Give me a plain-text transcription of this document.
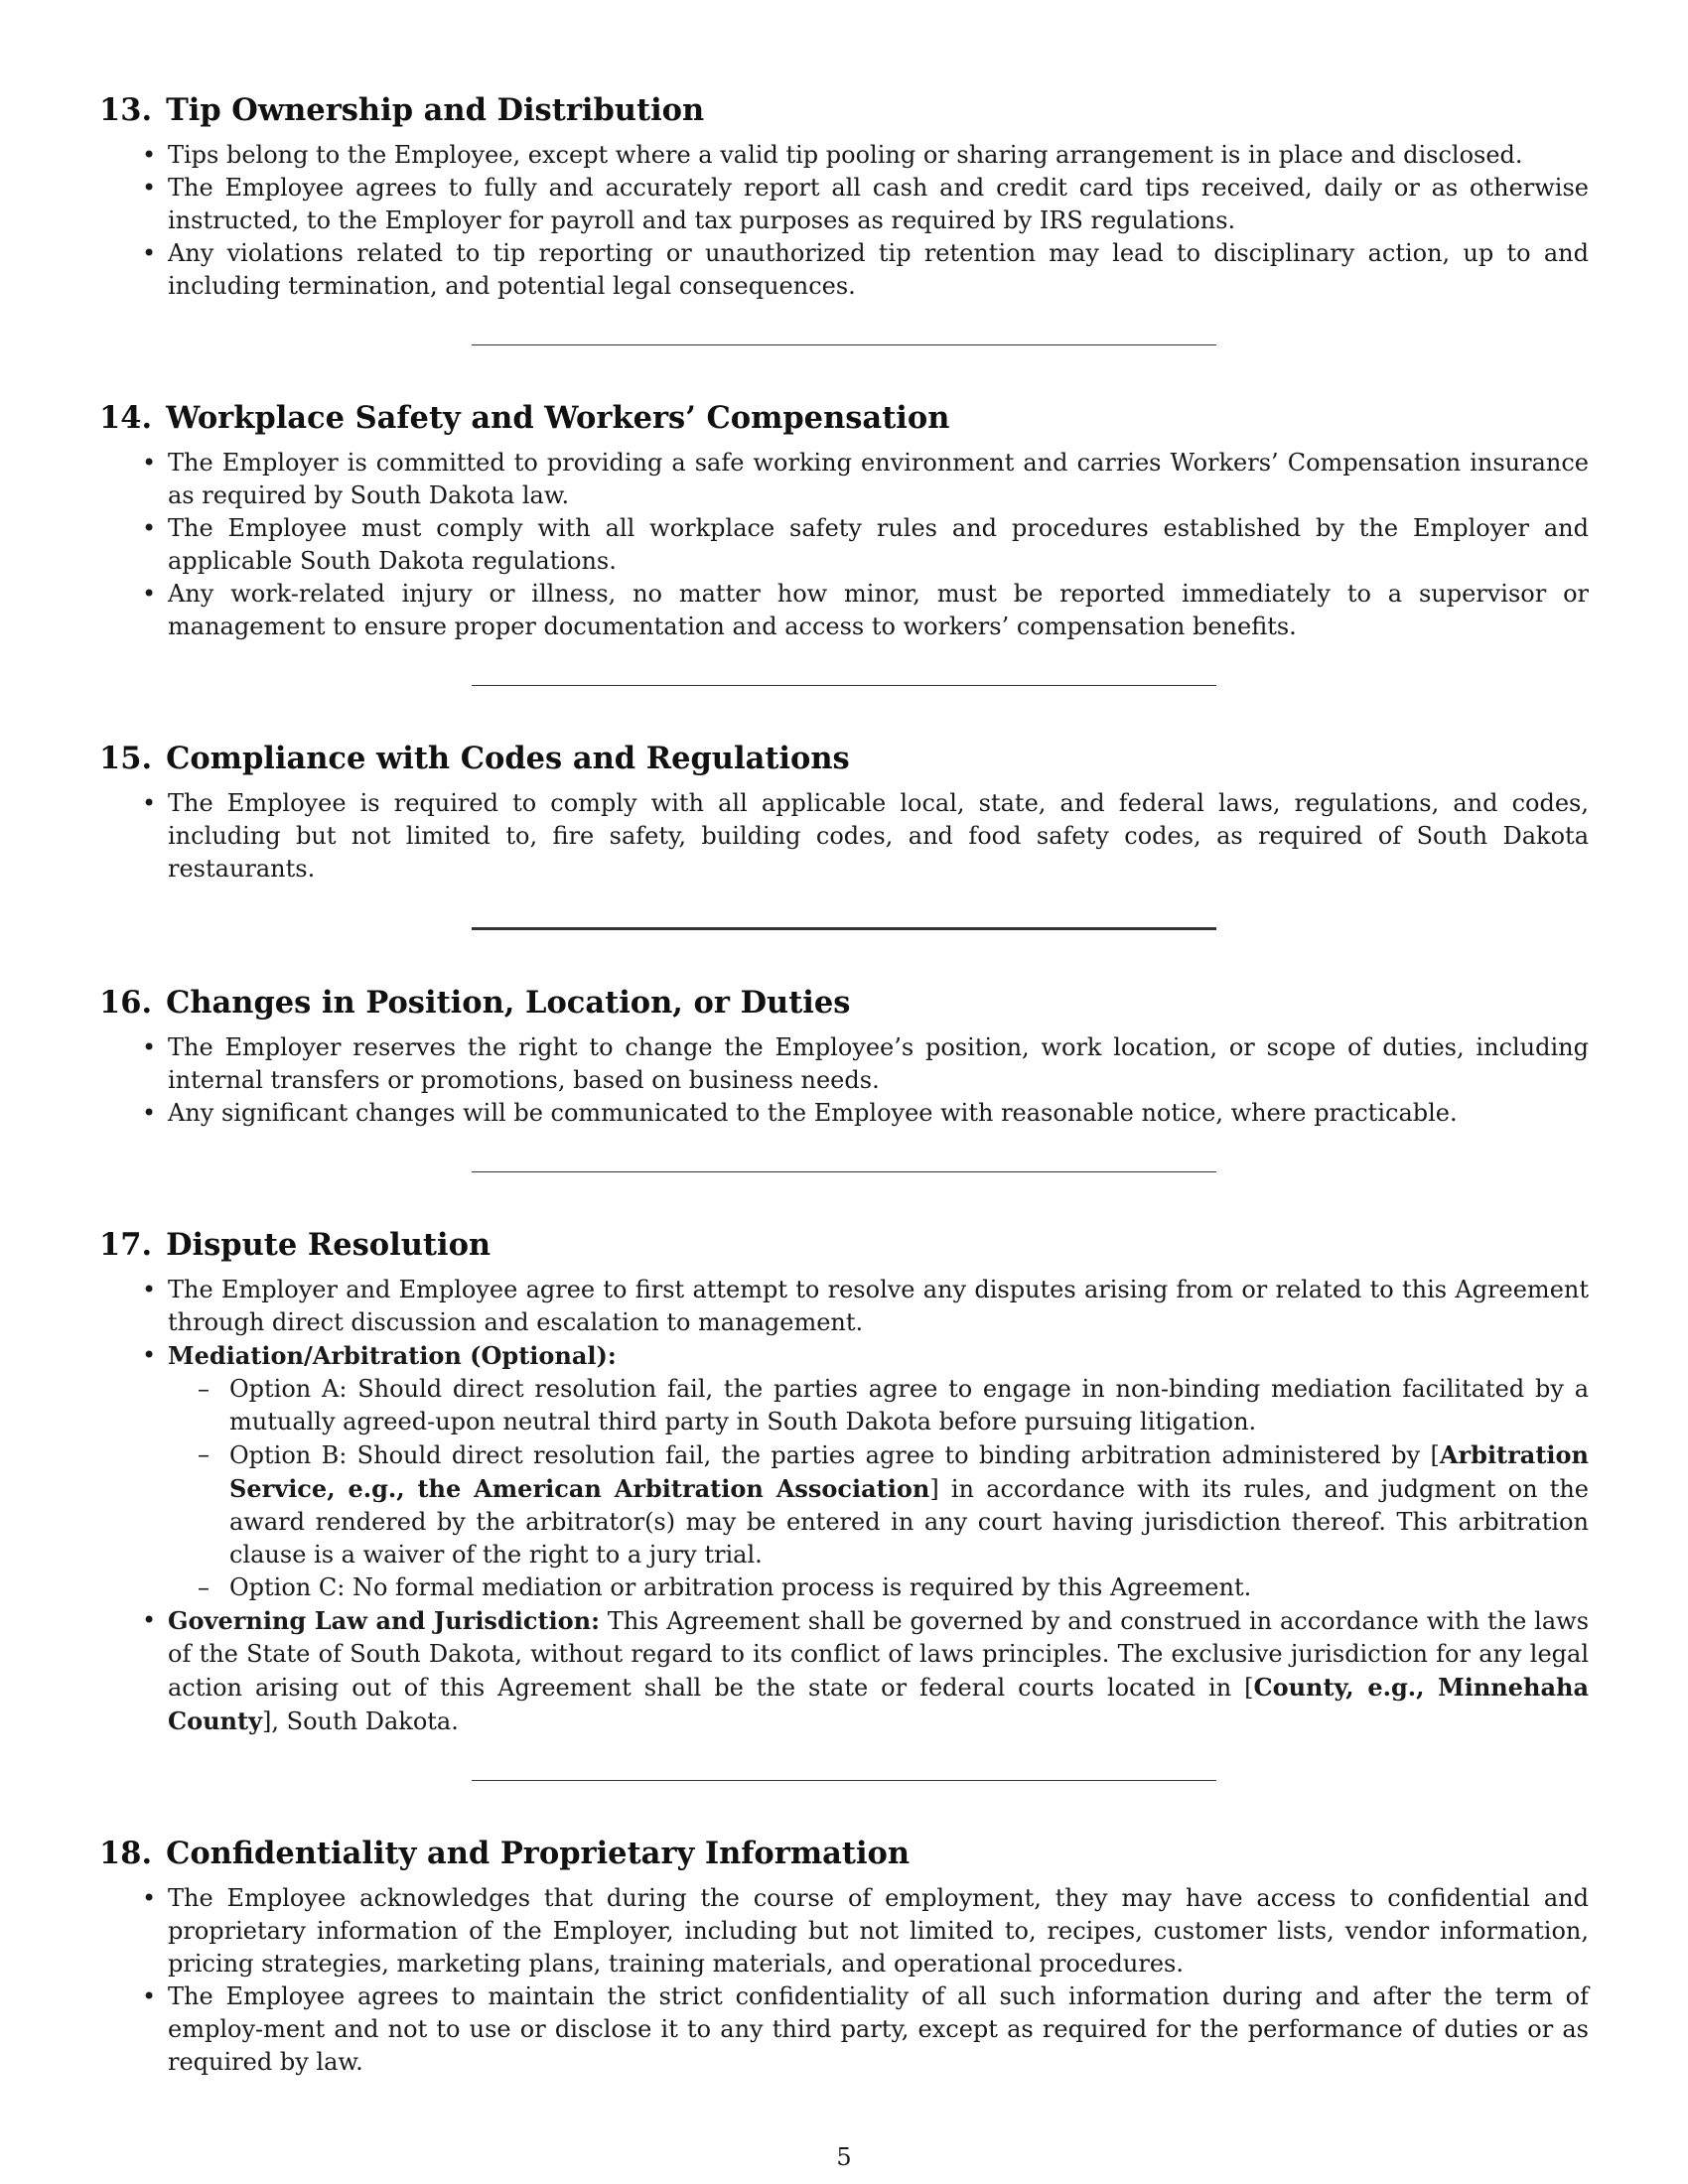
13. Tip Ownership and Distribution
• Tips belong to the Employee, except where a valid tip pooling or sharing arrangement is in place and disclosed.
• The Employee agrees to fully and accurately report all cash and credit card tips received, daily or as otherwise instructed, to the Employer for payroll and tax purposes as required by IRS regulations.
• Any violations related to tip reporting or unauthorized tip retention may lead to disciplinary action, up to and including termination, and potential legal consequences.
14. Workplace Safety and Workers’ Compensation
• The Employer is committed to providing a safe working environment and carries Workers’ Compensation insurance as required by South Dakota law.
• The Employee must comply with all workplace safety rules and procedures established by the Employer and applicable South Dakota regulations.
• Any work-related injury or illness, no matter how minor, must be reported immediately to a supervisor or management to ensure proper documentation and access to workers’ compensation benefits.
15. Compliance with Codes and Regulations
• The Employee is required to comply with all applicable local, state, and federal laws, regulations, and codes, including but not limited to, fire safety, building codes, and food safety codes, as required of South Dakota restaurants.
16. Changes in Position, Location, or Duties
• The Employer reserves the right to change the Employee’s position, work location, or scope of duties, including internal transfers or promotions, based on business needs.
• Any significant changes will be communicated to the Employee with reasonable notice, where practicable.
17. Dispute Resolution
• The Employer and Employee agree to first attempt to resolve any disputes arising from or related to this Agreement through direct discussion and escalation to management.
• Mediation/Arbitration (Optional):
– Option A: Should direct resolution fail, the parties agree to engage in non-binding mediation facilitated by a mutually agreed-upon neutral third party in South Dakota before pursuing litigation.
– Option B: Should direct resolution fail, the parties agree to binding arbitration administered by [Arbitration Service, e.g., the American Arbitration Association] in accordance with its rules, and judgment on the award rendered by the arbitrator(s) may be entered in any court having jurisdiction thereof. This arbitration clause is a waiver of the right to a jury trial.
– Option C: No formal mediation or arbitration process is required by this Agreement.
• Governing Law and Jurisdiction: This Agreement shall be governed by and construed in accordance with the laws of the State of South Dakota, without regard to its conflict of laws principles. The exclusive jurisdiction for any legal action arising out of this Agreement shall be the state or federal courts located in [County, e.g., Minnehaha County], South Dakota.
18. Confidentiality and Proprietary Information
• The Employee acknowledges that during the course of employment, they may have access to confidential and proprietary information of the Employer, including but not limited to, recipes, customer lists, vendor information, pricing strategies, marketing plans, training materials, and operational procedures.
• The Employee agrees to maintain the strict confidentiality of all such information during and after the term of employ-ment and not to use or disclose it to any third party, except as required for the performance of duties or as required by law.
5
